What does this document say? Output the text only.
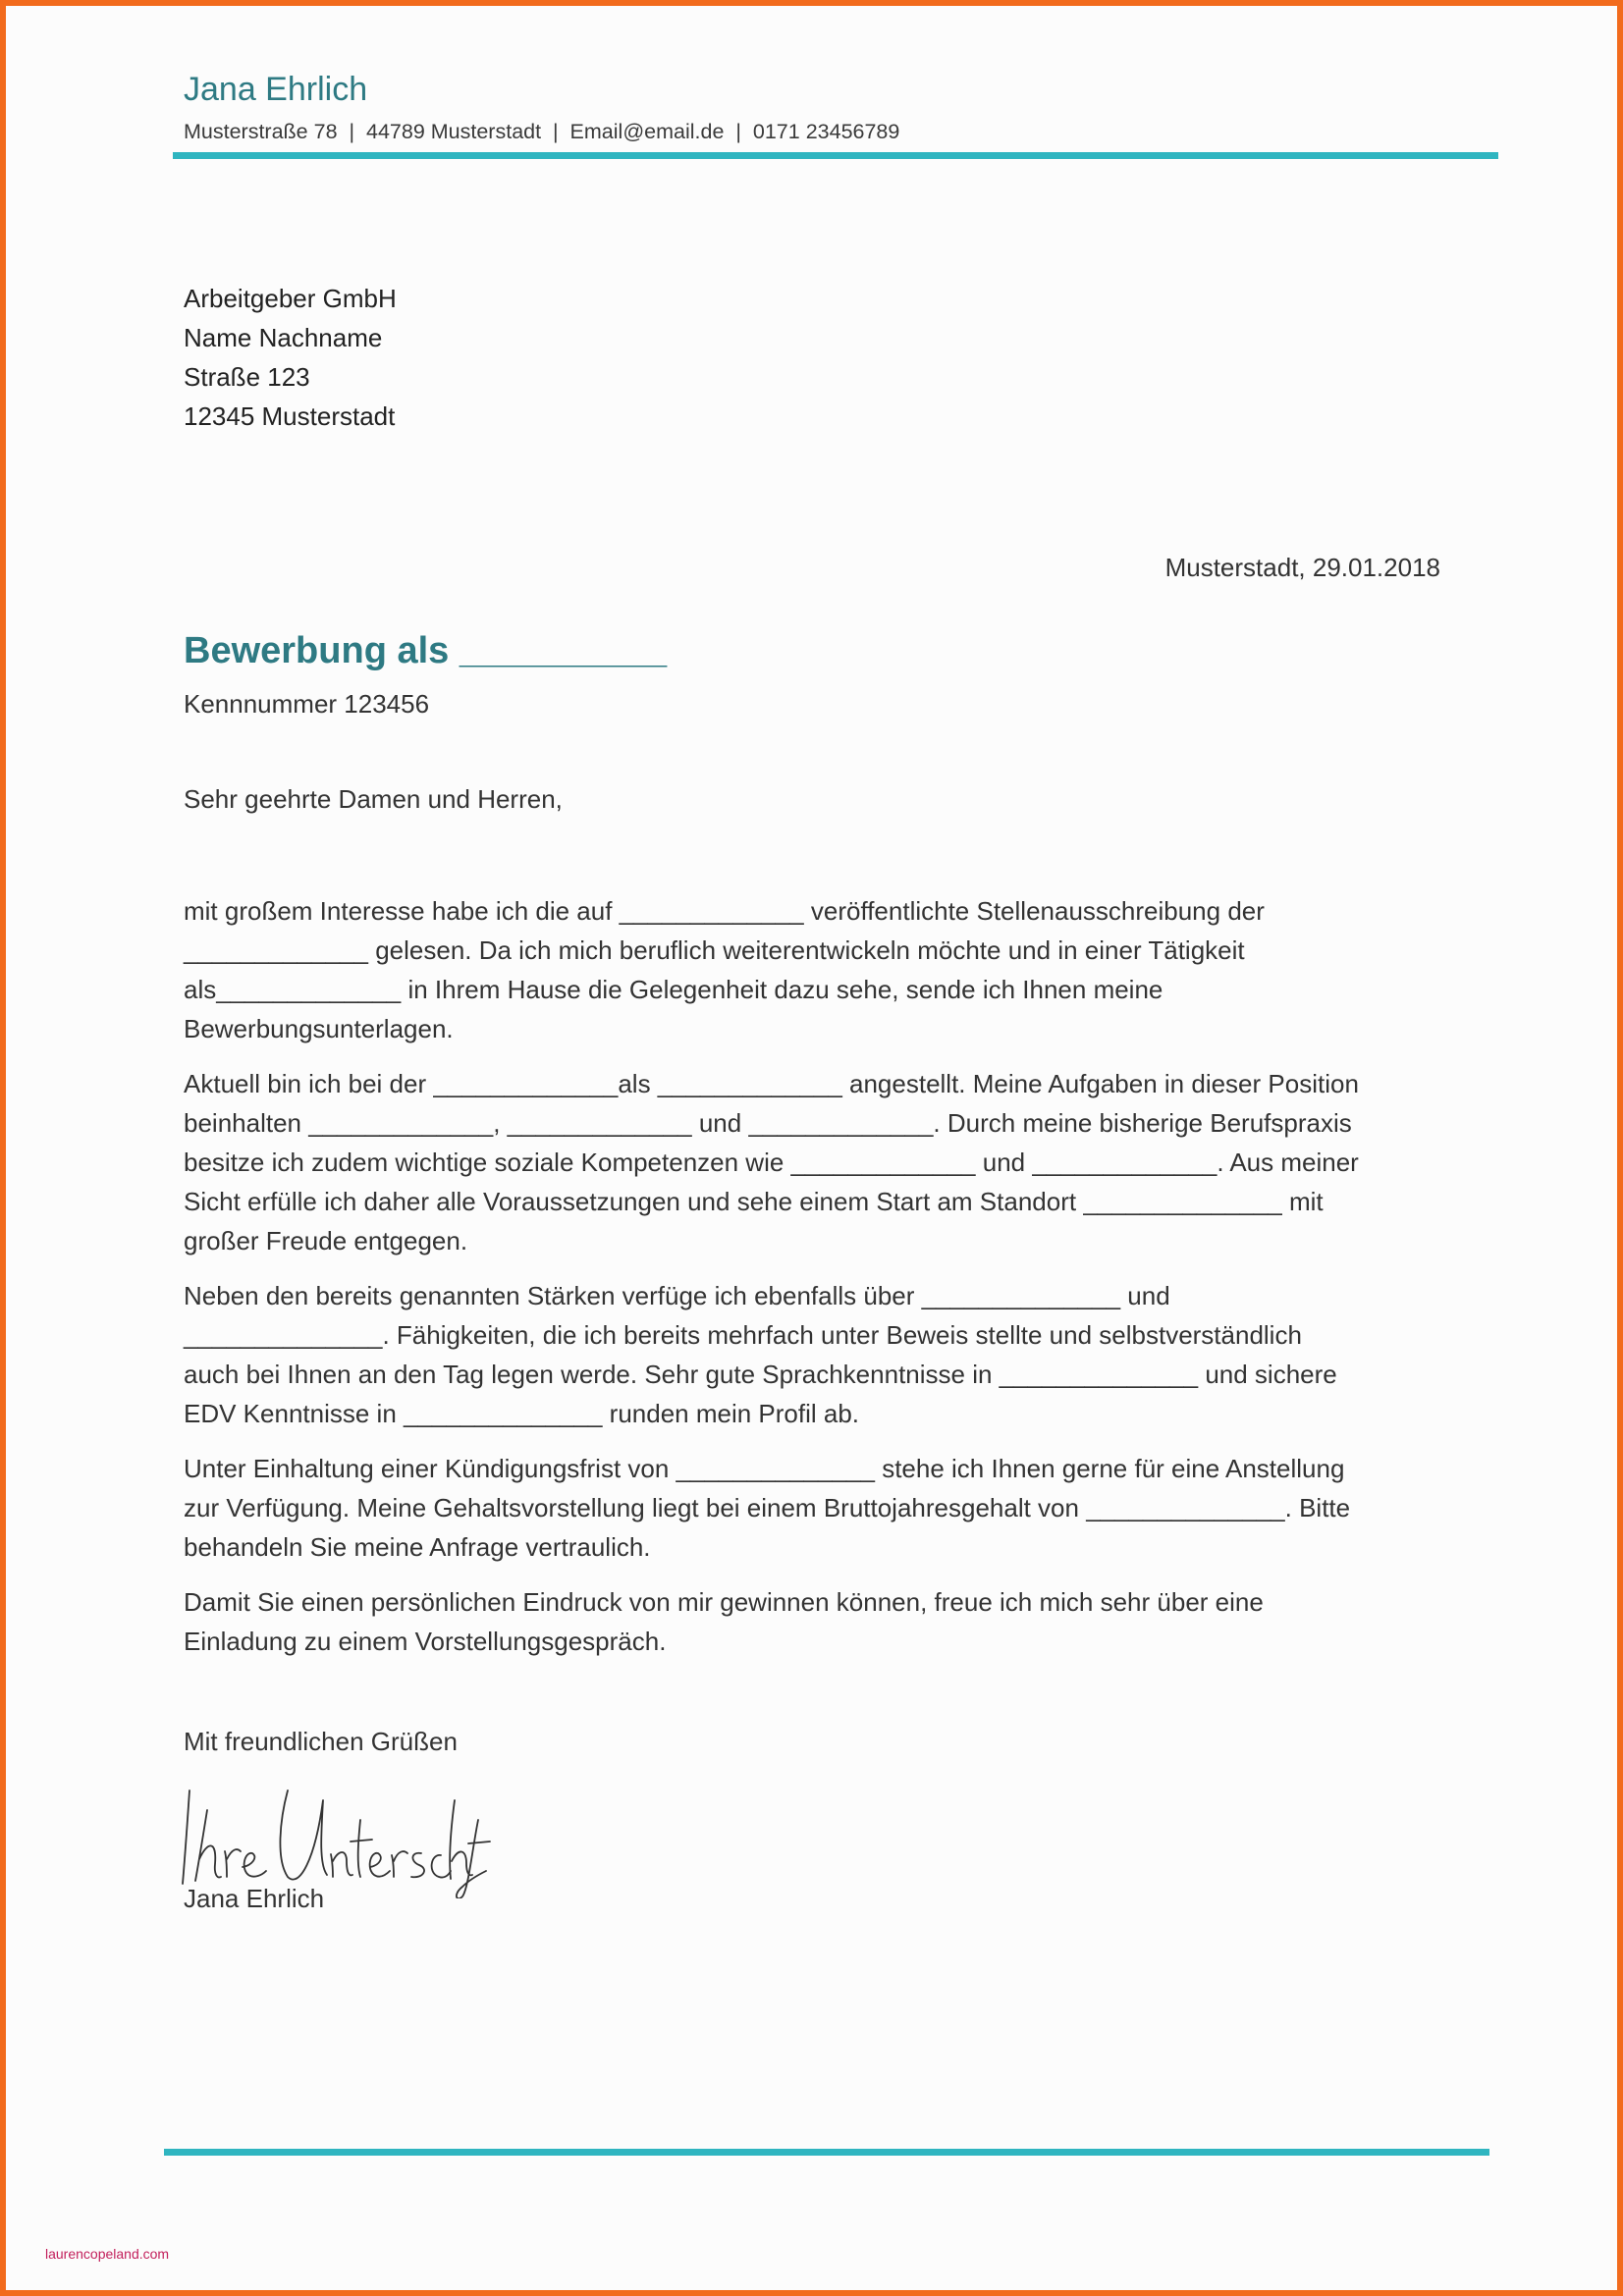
Jana Ehrlich
Musterstraße 78  |  44789 Musterstadt  |  Email@email.de  |  0171 23456789
Arbeitgeber GmbH
Name Nachname
Straße 123
12345 Musterstadt
Musterstadt, 29.01.2018
Bewerbung als __________
Kennnummer 123456
Sehr geehrte Damen und Herren,

mit großem Interesse habe ich die auf _____________ veröffentlichte Stellenausschreibung der
_____________ gelesen. Da ich mich beruflich weiterentwickeln möchte und in einer Tätigkeit
als_____________ in Ihrem Hause die Gelegenheit dazu sehe, sende ich Ihnen meine
Bewerbungsunterlagen.

Aktuell bin ich bei der _____________als _____________ angestellt. Meine Aufgaben in dieser Position
beinhalten _____________, _____________ und _____________. Durch meine bisherige Berufspraxis
besitze ich zudem wichtige soziale Kompetenzen wie _____________ und _____________. Aus meiner
Sicht erfülle ich daher alle Voraussetzungen und sehe einem Start am Standort ______________ mit
großer Freude entgegen.

Neben den bereits genannten Stärken verfüge ich ebenfalls über ______________ und
______________. Fähigkeiten, die ich bereits mehrfach unter Beweis stellte und selbstverständlich
auch bei Ihnen an den Tag legen werde. Sehr gute Sprachkenntnisse in ______________ und sichere
EDV Kenntnisse in ______________ runden mein Profil ab.

Unter Einhaltung einer Kündigungsfrist von ______________ stehe ich Ihnen gerne für eine Anstellung
zur Verfügung. Meine Gehaltsvorstellung liegt bei einem Bruttojahresgehalt von ______________. Bitte
behandeln Sie meine Anfrage vertraulich.

Damit Sie einen persönlichen Eindruck von mir gewinnen können, freue ich mich sehr über eine
Einladung zu einem Vorstellungsgespräch.

Mit freundlichen Grüßen
Jana Ehrlich
laurencopeland.com
